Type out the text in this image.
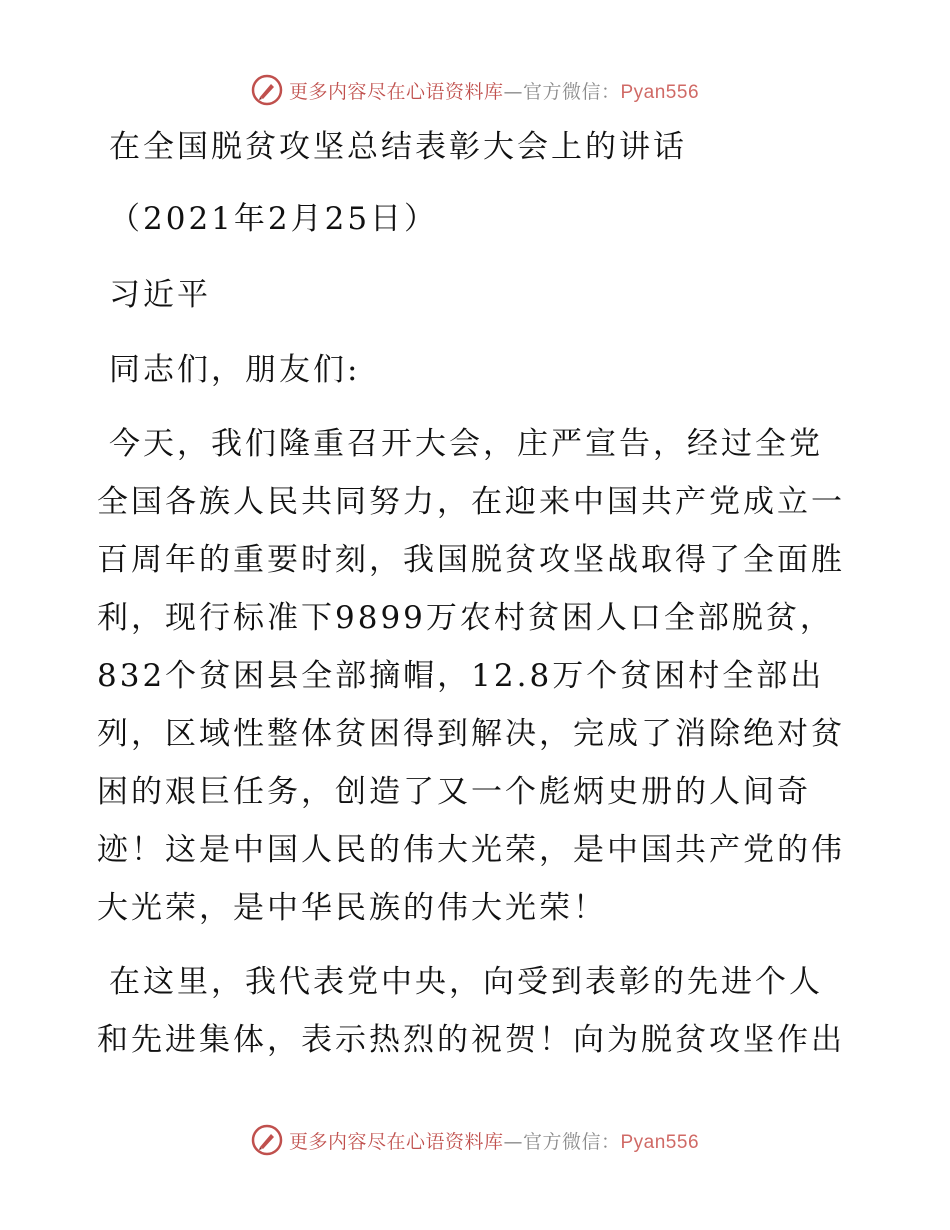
更多内容尽在心语资料库—官方微信：Pyan556
在全国脱贫攻坚总结表彰大会上的讲话
（2021年2月25日）
习近平
同志们，朋友们:
今天，我们隆重召开大会，庄严宣告，经过全党
全国各族人民共同努力，在迎来中国共产党成立一
百周年的重要时刻，我国脱贫攻坚战取得了全面胜
利，现行标准下9899万农村贫困人口全部脱贫，
832个贫困县全部摘帽，12.8万个贫困村全部出
列，区域性整体贫困得到解决，完成了消除绝对贫
困的艰巨任务，创造了又一个彪炳史册的人间奇
迹！这是中国人民的伟大光荣，是中国共产党的伟
大光荣，是中华民族的伟大光荣！
在这里，我代表党中央，向受到表彰的先进个人
和先进集体，表示热烈的祝贺！向为脱贫攻坚作出
更多内容尽在心语资料库—官方微信：Pyan556
